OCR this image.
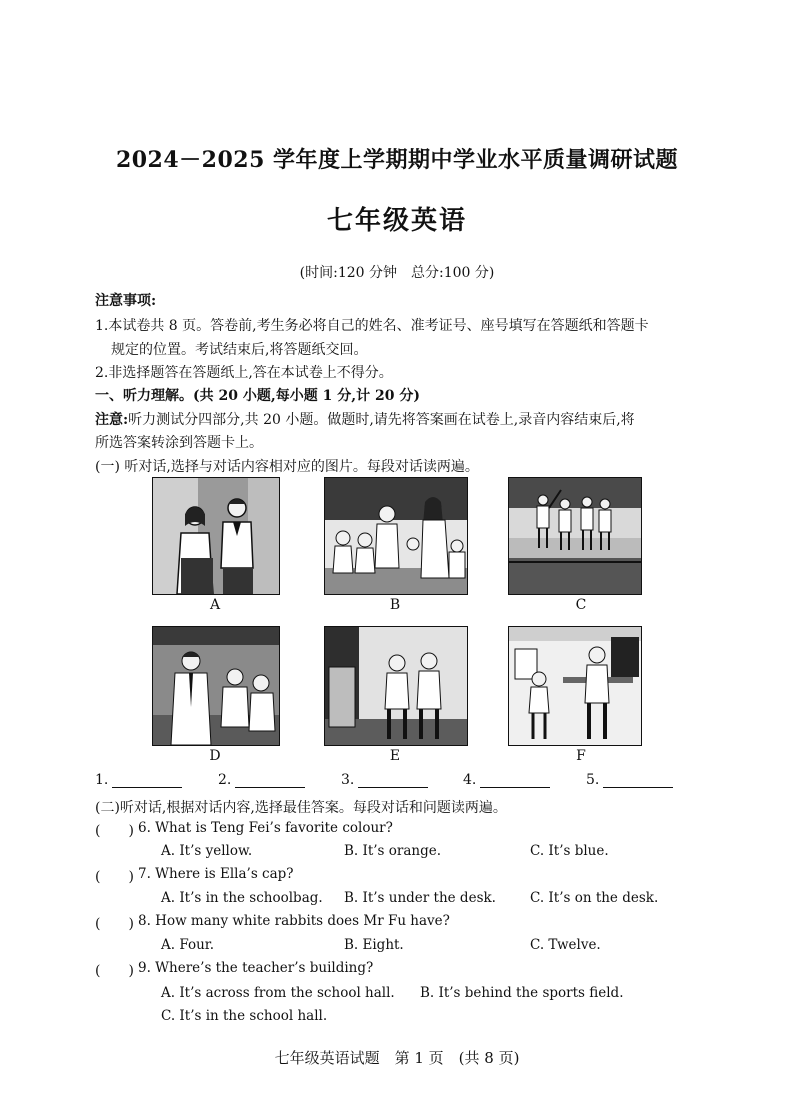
2024－2025 学年度上学期期中学业水平质量调研试题
七年级英语
(时间:120 分钟　总分:100 分)
注意事项:
1.本试卷共 8 页。答卷前,考生务必将自己的姓名、准考证号、座号填写在答题纸和答题卡
规定的位置。考试结束后,将答题纸交回。
2.非选择题答在答题纸上,答在本试卷上不得分。
一、听力理解。(共 20 小题,每小题 1 分,计 20 分)
注意:听力测试分四部分,共 20 小题。做题时,请先将答案画在试卷上,录音内容结束后,将
所选答案转涂到答题卡上。
(一) 听对话,选择与对话内容相对应的图片。每段对话读两遍。
A	B	C
D	E	F
1.	2.	3.	4.	5.
(二)听对话,根据对话内容,选择最佳答案。每段对话和问题读两遍。
(　　) 6. What is Teng Fei’s favorite colour?
A. It’s yellow.	B. It’s orange.	C. It’s blue.
(　　) 7. Where is Ella’s cap?
A. It’s in the schoolbag. B. It’s under the desk.	C. It’s on the desk.
(　　) 8. How many white rabbits does Mr Fu have?
A. Four.	B. Eight.	C. Twelve.
(　　) 9. Where’s the teacher’s building?
A. It’s across from the school hall. B. It’s behind the sports field.
C. It’s in the school hall.
七年级英语试题　第 1 页　(共 8 页)
